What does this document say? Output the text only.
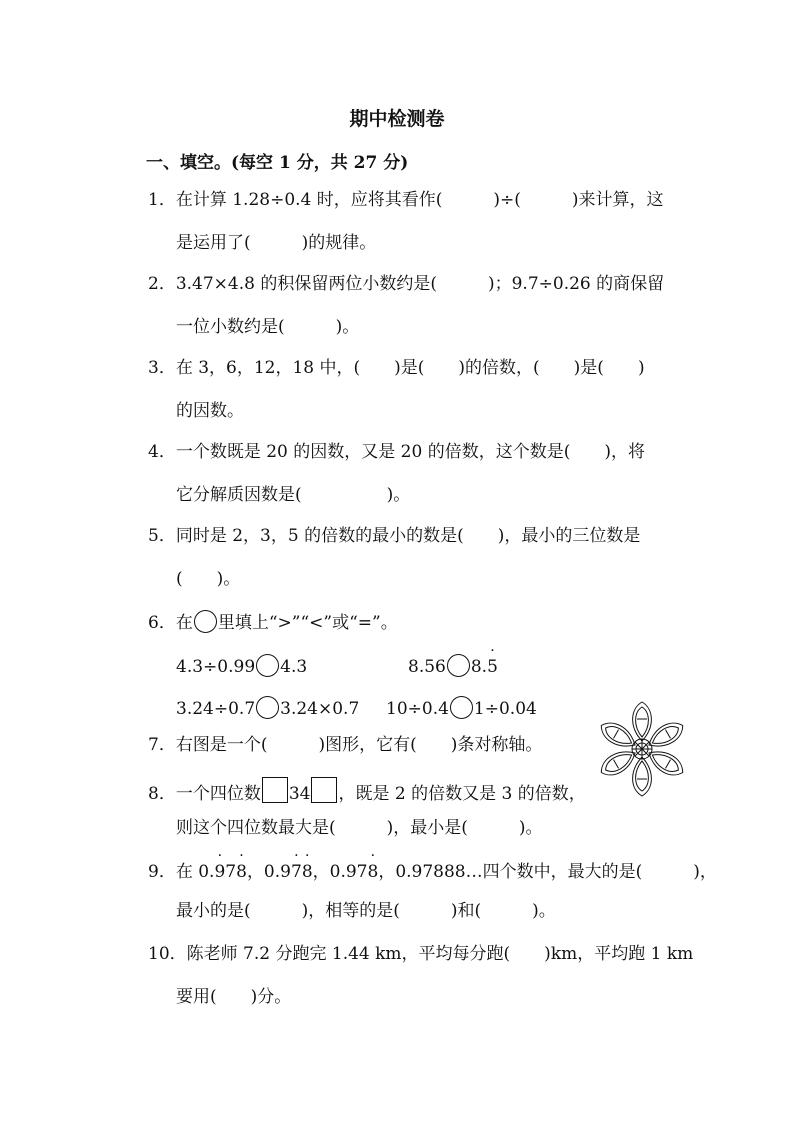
期中检测卷
一、填空。(每空 1 分，共 27 分)
1．在计算 1.28÷0.4 时，应将其看作(　　　)÷(　　　)来计算，这
是运用了(　　　)的规律。
2．3.47×4.8 的积保留两位小数约是(　　　)；9.7÷0.26 的商保留
一位小数约是(　　　)。
3．在 3，6，12，18 中，(　　)是(　　)的倍数，(　　)是(　　)
的因数。
4．一个数既是 20 的因数，又是 20 的倍数，这个数是(　　)，将
它分解质因数是(　　　　　)。
5．同时是 2，3，5 的倍数的最小的数是(　　)，最小的三位数是
(　　)。
6．在 里填上“>”“<”或“=”。
4.3÷0.99 4.3	8.56 8.5 ·
3.24÷0.7 3.24×0.7 10÷0.4 1÷0.04
7．右图是一个(　　　)图形，它有(　　)条对称轴。
8．一个四位数 34 ，既是 2 的倍数又是 3 的倍数，
则这个四位数最大是(　　　)，最小是(　　　)。
9．在 0.9 ·78 ·，0.97 ·8 ·，0.978 ·，0.97888…四个数中，最大的是(　　　)，
最小的是(　　　)，相等的是(　　　)和(　　　)。
10．陈老师 7.2 分跑完 1.44 km，平均每分跑(　　)km，平均跑 1 km
要用(　　)分。
